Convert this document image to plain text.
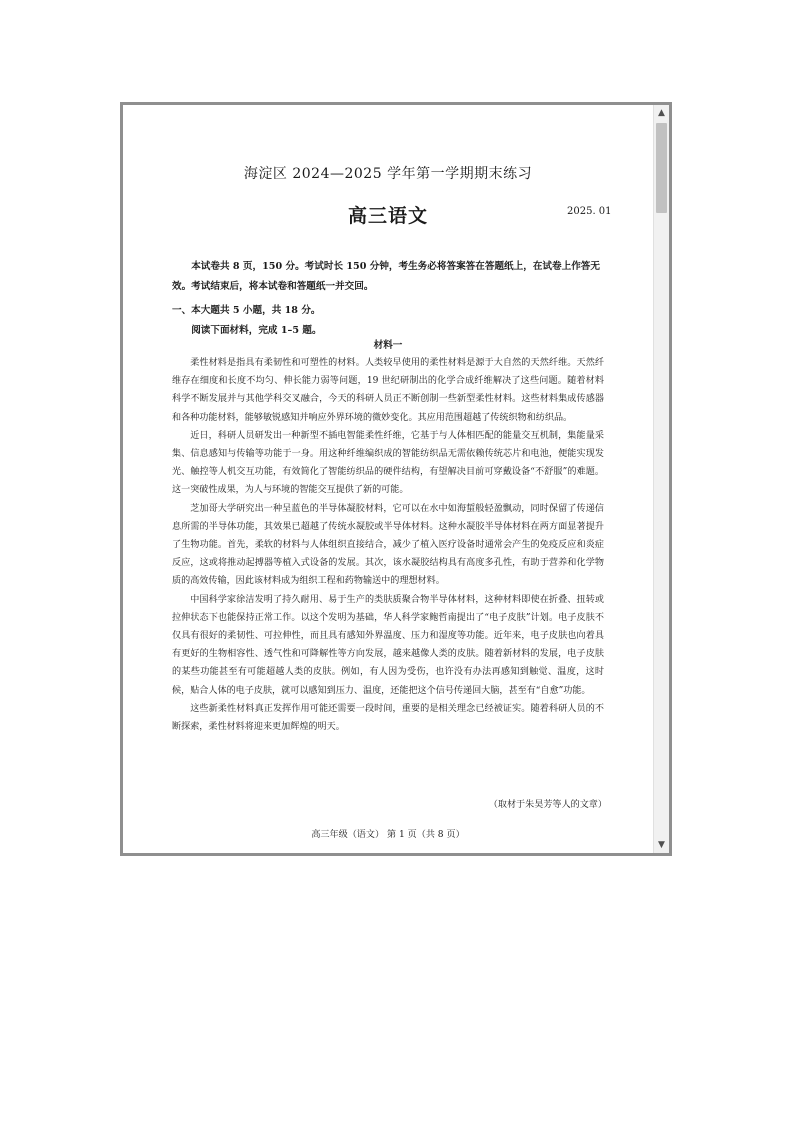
海淀区 2024—2025 学年第一学期期末练习
高三语文	2025. 01
本试卷共 8 页，150 分。考试时长 150 分钟，考生务必将答案答在答题纸上，在试卷上作答无效。考试结束后，将本试卷和答题纸一并交回。
一、本大题共 5 小题，共 18 分。
阅读下面材料，完成 1–5 题。
材料一

柔性材料是指具有柔韧性和可塑性的材料。人类较早使用的柔性材料是源于大自然的天然纤维。天然纤维存在细度和长度不均匀、伸长能力弱等问题，19 世纪研制出的化学合成纤维解决了这些问题。随着材料科学不断发展并与其他学科交叉融合，今天的科研人员正不断创制一些新型柔性材料。这些材料集成传感器和各种功能材料，能够敏锐感知并响应外界环境的微妙变化。其应用范围超越了传统织物和纺织品。

近日，科研人员研发出一种新型不插电智能柔性纤维，它基于与人体相匹配的能量交互机制，集能量采集、信息感知与传输等功能于一身。用这种纤维编织成的智能纺织品无需依赖传统芯片和电池，便能实现发光、触控等人机交互功能，有效简化了智能纺织品的硬件结构，有望解决目前可穿戴设备“不舒服”的难题。这一突破性成果，为人与环境的智能交互提供了新的可能。

芝加哥大学研究出一种呈蓝色的半导体凝胶材料，它可以在水中如海蜇般轻盈飘动，同时保留了传递信息所需的半导体功能，其效果已超越了传统水凝胶或半导体材料。这种水凝胶半导体材料在两方面显著提升了生物功能。首先，柔软的材料与人体组织直接结合，减少了植入医疗设备时通常会产生的免疫反应和炎症反应，这或将推动起搏器等植入式设备的发展。其次，该水凝胶结构具有高度多孔性，有助于营养和化学物质的高效传输，因此该材料成为组织工程和药物输送中的理想材料。

中国科学家徐洁发明了持久耐用、易于生产的类肤质聚合物半导体材料，这种材料即使在折叠、扭转或拉伸状态下也能保持正常工作。以这个发明为基础，华人科学家鲍哲南提出了“电子皮肤”计划。电子皮肤不仅具有很好的柔韧性、可拉伸性，而且具有感知外界温度、压力和湿度等功能。近年来，电子皮肤也向着具有更好的生物相容性、透气性和可降解性等方向发展，越来越像人类的皮肤。随着新材料的发展，电子皮肤的某些功能甚至有可能超越人类的皮肤。例如，有人因为受伤，也许没有办法再感知到触觉、温度，这时候，贴合人体的电子皮肤，就可以感知到压力、温度，还能把这个信号传递回大脑，甚至有“自愈”功能。

这些新柔性材料真正发挥作用可能还需要一段时间，重要的是相关理念已经被证实。随着科研人员的不断探索，柔性材料将迎来更加辉煌的明天。

（取材于朱昊芳等人的文章）
高三年级（语文） 第 1 页（共 8 页）
▲
▼
